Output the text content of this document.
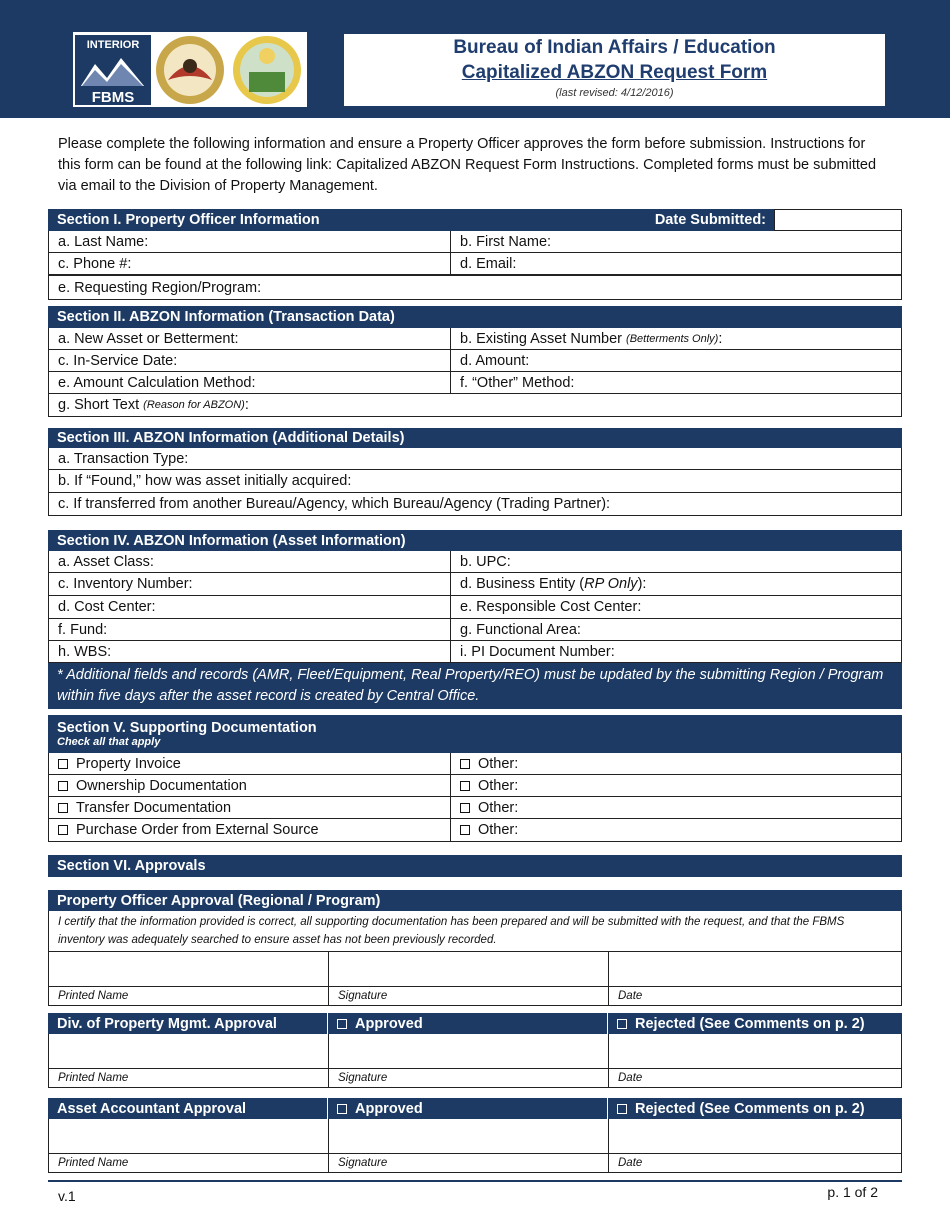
INTERIOR
FBMS
Bureau of Indian Affairs / Education
Capitalized ABZON Request Form
(last revised: 4/12/2016)
Please complete the following information and ensure a Property Officer approves the form before submission. Instructions for this form can be found at the following link: Capitalized ABZON Request Form Instructions. Completed forms must be submitted via email to the Division of Property Management.
Section I. Property Officer Information	Date Submitted:
a. Last Name:	b. First Name:
c. Phone #:	d. Email:
e. Requesting Region/Program:
Section II. ABZON Information (Transaction Data)
a. New Asset or Betterment:	b. Existing Asset Number
(Betterments Only) :
c. In-Service Date:	d. Amount:
e. Amount Calculation Method:	f. “Other” Method:
g. Short Text
(Reason for ABZON) :
Section III. ABZON Information (Additional Details)
a. Transaction Type:
b. If “Found,” how was asset initially acquired:
c. If transferred from another Bureau/Agency, which Bureau/Agency (Trading Partner):
Section IV. ABZON Information (Asset Information)
a. Asset Class:	b. UPC:
c. Inventory Number:	d. Business Entity ( RP Only ):
d. Cost Center:	e. Responsible Cost Center:
f. Fund:	g. Functional Area:
h. WBS:	i. PI Document Number:
* Additional fields and records (AMR, Fleet/Equipment, Real Property/REO) must be updated by the submitting Region / Program within five days after the asset record is created by Central Office.
Section V. Supporting Documentation
Check all that apply
Property Invoice	Other:
Ownership Documentation	Other:
Transfer Documentation	Other:
Purchase Order from External Source	Other:
Section VI. Approvals
Property Officer Approval (Regional / Program)
I certify that the information provided is correct, all supporting documentation has been prepared and will be submitted with the request, and that the FBMS inventory was adequately searched to ensure asset has not been previously recorded.
Printed Name	Signature	Date
Div. of Property Mgmt. Approval	Approved	Rejected (See Comments on p. 2)
Printed Name	Signature	Date
Asset Accountant Approval	Approved	Rejected (See Comments on p. 2)
Printed Name	Signature	Date
v.1	p. 1 of 2
